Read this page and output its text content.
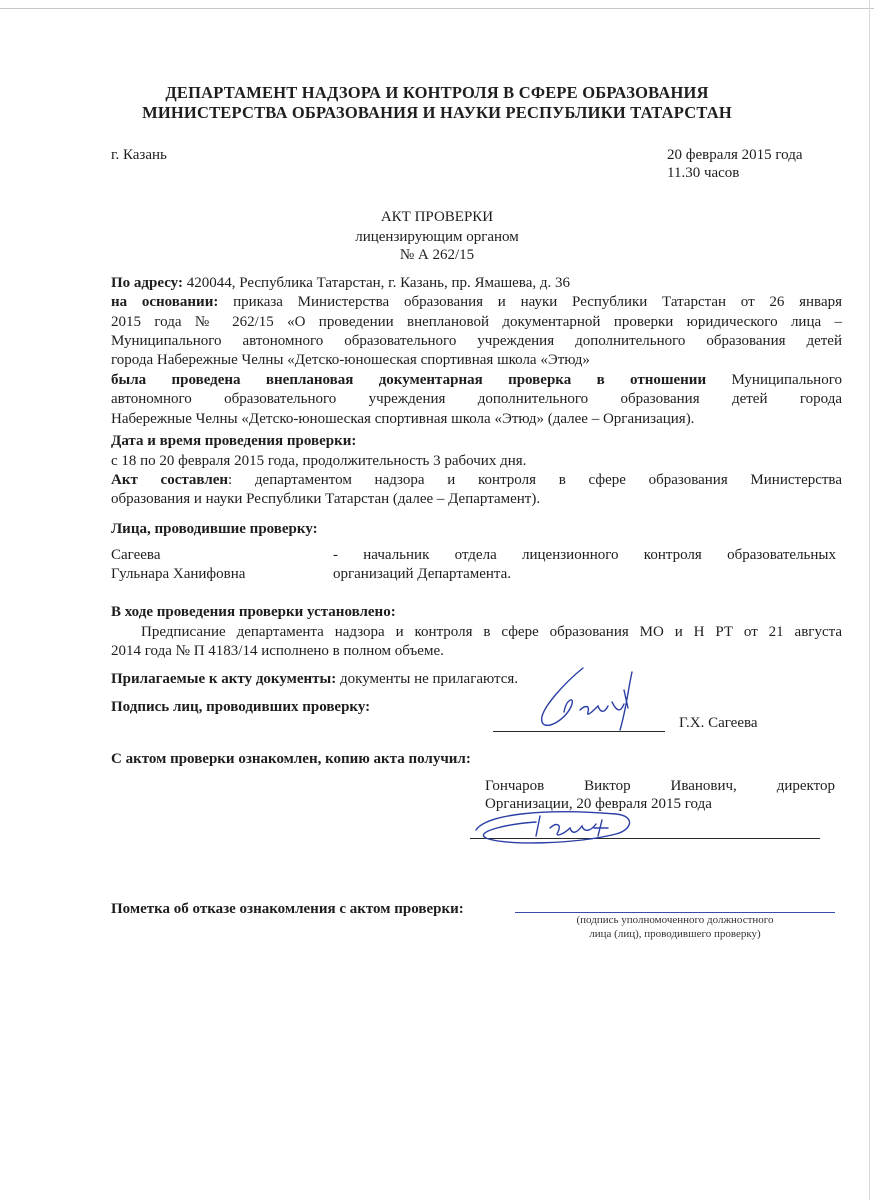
ДЕПАРТАМЕНТ НАДЗОРА И КОНТРОЛЯ В СФЕРЕ ОБРАЗОВАНИЯ
МИНИСТЕРСТВА ОБРАЗОВАНИЯ И НАУКИ РЕСПУБЛИКИ ТАТАРСТАН
г. Казань	20 февраля 2015 года
11.30 часов
АКТ ПРОВЕРКИ
лицензирующим органом
№ А 262/15
По адресу: 420044, Республика Татарстан, г. Казань, пр. Ямашева, д. 36
на основании: приказа Министерства образования и науки Республики Татарстан от 26 января
2015 года № 262/15 «О проведении внеплановой документарной проверки юридического лица –
Муниципального автономного образовательного учреждения дополнительного образования детей
города Набережные Челны «Детско-юношеская спортивная школа «Этюд»
была проведена внеплановая документарная проверка в отношении Муниципального
автономного образовательного учреждения дополнительного образования детей города
Набережные Челны «Детско-юношеская спортивная школа «Этюд» (далее – Организация).
Дата и время проведения проверки:
с 18 по 20 февраля 2015 года, продолжительность 3 рабочих дня.
Акт составлен: департаментом надзора и контроля в сфере образования Министерства
образования и науки Республики Татарстан (далее – Департамент).
Лица, проводившие проверку:
Сагеева
Гульнара Ханифовна
- начальник отдела лицензионного контроля образовательных
организаций Департамента.
В ходе проведения проверки установлено:
Предписание департамента надзора и контроля в сфере образования МО и Н РТ от 21 августа
2014 года № П 4183/14 исполнено в полном объеме.
Прилагаемые к акту документы: документы не прилагаются.
Подпись лиц, проводивших проверку:
Г.Х. Сагеева
С актом проверки ознакомлен, копию акта получил:
Гончаров Виктор Иванович, директор
Организации, 20 февраля 2015 года
Пометка об отказе ознакомления с актом проверки:
(подпись уполномоченного должностного
лица (лиц), проводившего проверку)
